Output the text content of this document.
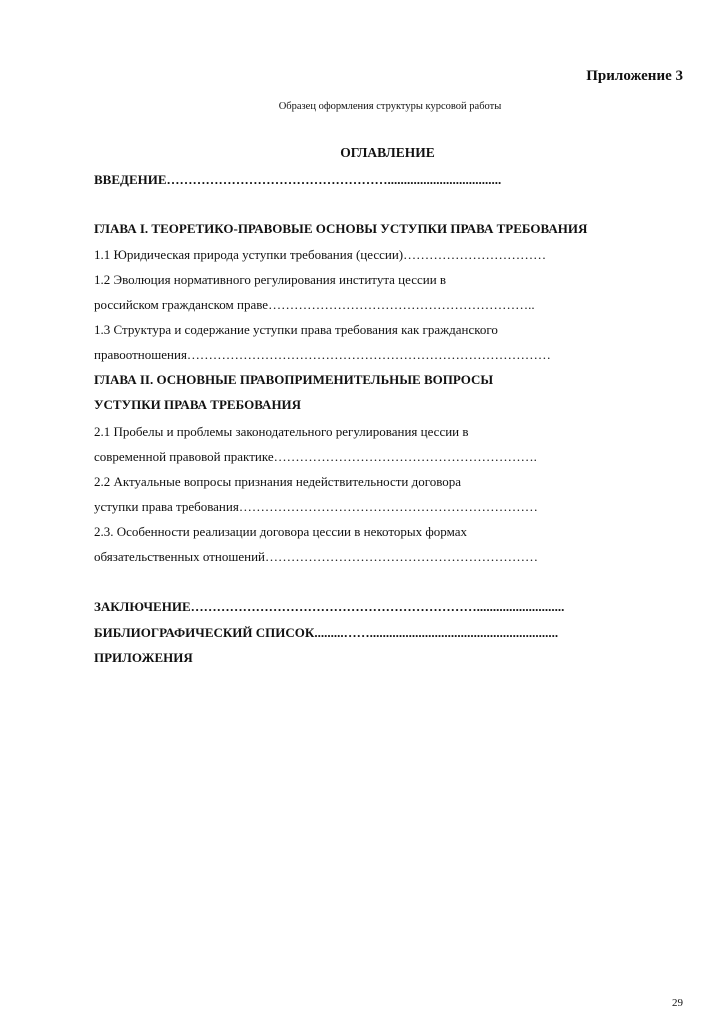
Приложение 3
Образец оформления структуры курсовой работы
ОГЛАВЛЕНИЕ
ВВЕДЕНИЕ……………………………………………...................................
ГЛАВА I. ТЕОРЕТИКО-ПРАВОВЫЕ ОСНОВЫ УСТУПКИ ПРАВА ТРЕБОВАНИЯ
1.1 Юридическая природа уступки требования (цессии)……………………………
1.2 Эволюция нормативного регулирования института цессии в
российском гражданском праве……………………………………………………..
1.3 Структура и содержание уступки права требования как гражданского
правоотношения…………………………………………………………………………
ГЛАВА II. ОСНОВНЫЕ ПРАВОПРИМЕНИТЕЛЬНЫЕ ВОПРОСЫ
УСТУПКИ ПРАВА ТРЕБОВАНИЯ
2.1 Пробелы и проблемы законодательного регулирования цессии в
современной правовой практике…………………………………………………….
2.2 Актуальные вопросы признания недействительности договора
уступки права требования……………………………………………………………
2.3. Особенности реализации договора цессии в некоторых формах
обязательственных отношений………………………………………………………
ЗАКЛЮЧЕНИЕ…………………………………………………………...........................
БИБЛИОГРАФИЧЕСКИЙ СПИСОК.........……..........................................................
ПРИЛОЖЕНИЯ
29
